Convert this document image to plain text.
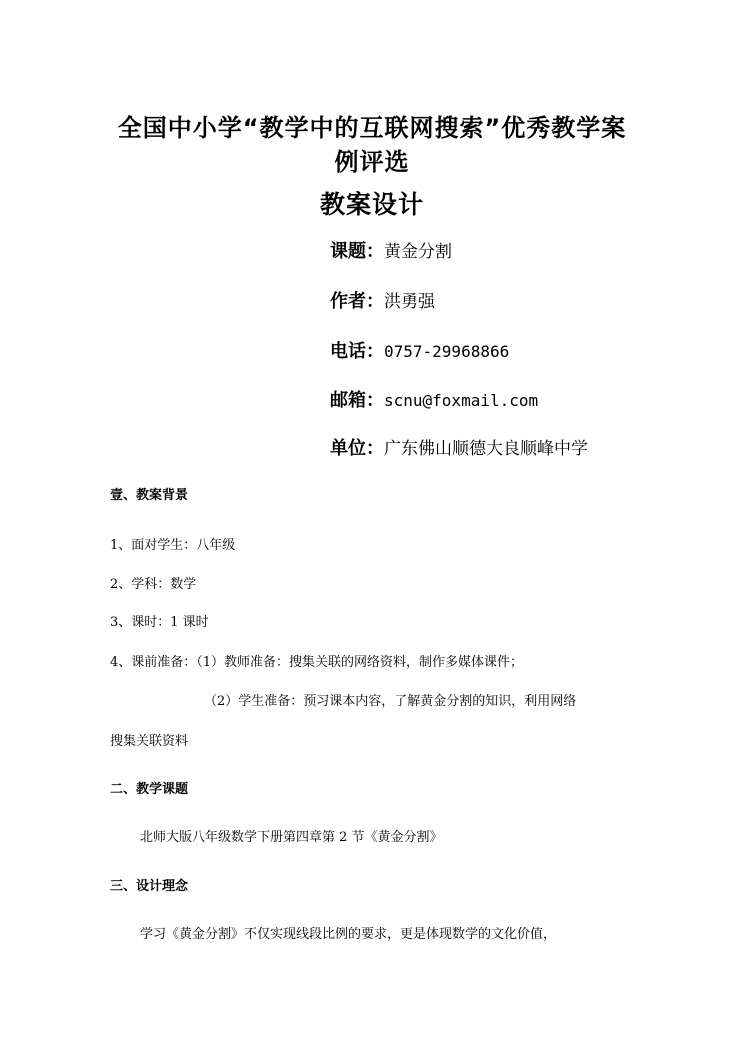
全国中小学“教学中的互联网搜索”优秀教学案
例评选
教案设计
课题：黄金分割
作者：洪勇强
电话：0757-29968866
邮箱：scnu@foxmail.com
单位：广东佛山顺德大良顺峰中学
壹、教案背景
1、面对学生：八年级
2、学科：数学
3、课时：1 课时
4、课前准备：（1）教师准备：搜集关联的网络资料，制作多媒体课件；
（2）学生准备：预习课本内容，了解黄金分割的知识，利用网络
搜集关联资料
二、教学课题
北师大版八年级数学下册第四章第 2 节《黄金分割》
三、设计理念
学习《黄金分割》不仅实现线段比例的要求，更是体现数学的文化价值，
